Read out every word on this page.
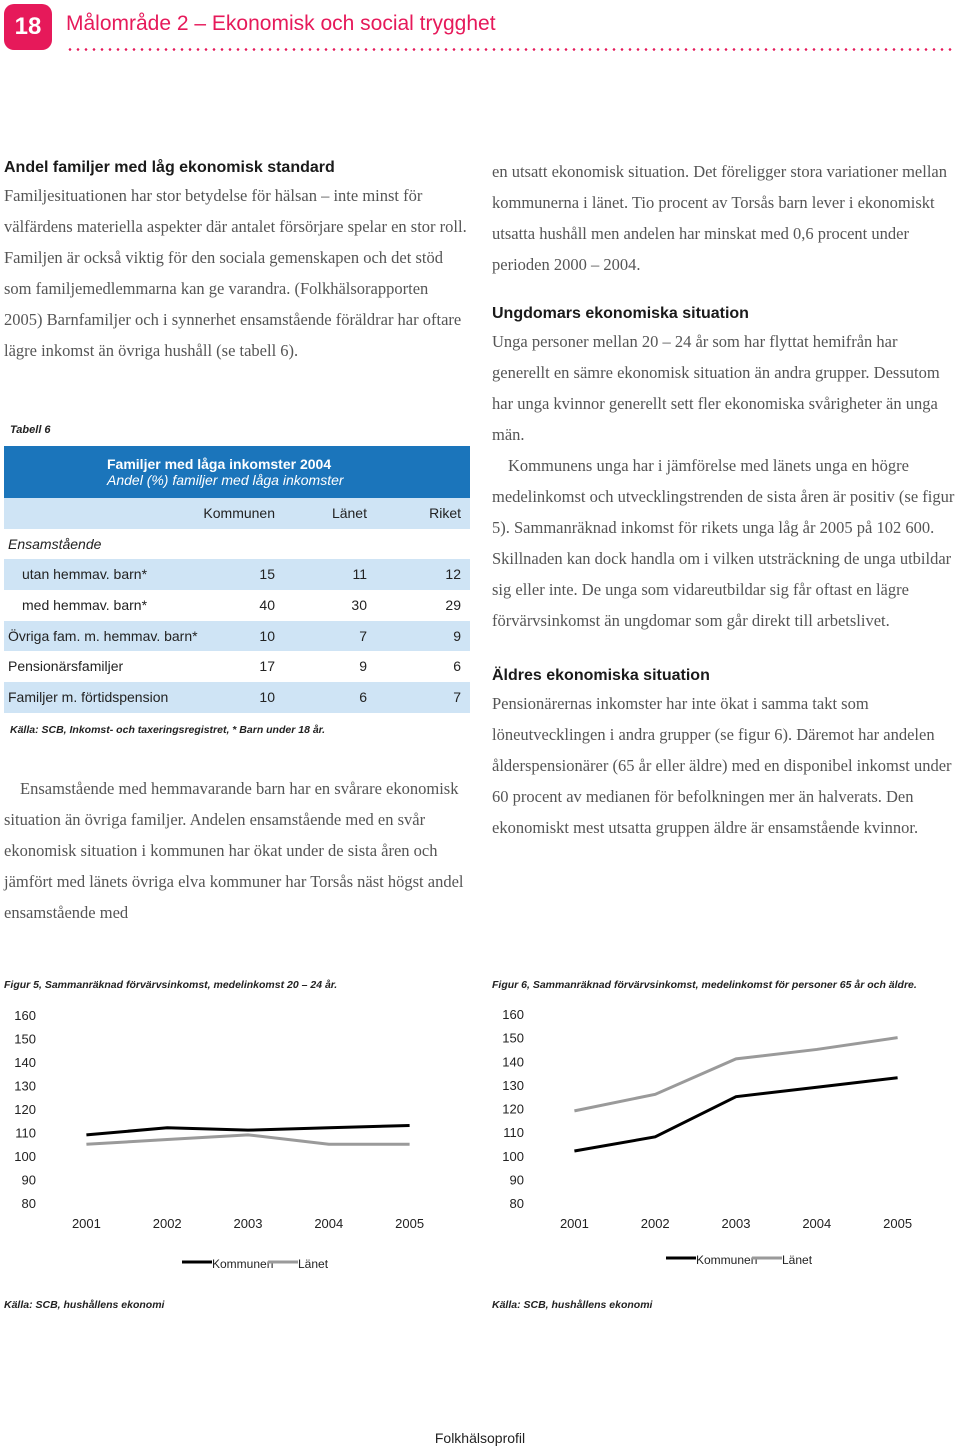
18	Målområde 2 – Ekonomisk och social trygghet
Andel familjer med låg ekonomisk standard

Familjesituationen har stor betydelse för hälsan – inte minst för välfärdens materiella aspekter där antalet försörjare spelar en stor roll. Familjen är också viktig för den sociala gemenskapen och det stöd som familjemedlemmarna kan ge varandra. (Folkhälsorapporten 2005) Barnfamiljer och i synnerhet ensamstående föräldrar har oftare lägre inkomst än övriga hushåll (se tabell 6).

Tabell 6
Familjer med låga inkomster 2004
Andel (%) familjer med låga inkomster
Kommunen	Länet	Riket
Ensamstående
utan hemmav. barn*	15	11	12
med hemmav. barn*	40	30	29
Övriga fam. m. hemmav. barn*	10	7	9
Pensionärsfamiljer	17	9	6
Familjer m. förtidspension	10	6	7
Källa: SCB, Inkomst- och taxeringsregistret, * Barn under 18 år.

Ensamstående med hemmavarande barn har en svårare ekonomisk situation än övriga familjer. Andelen ensamstående med en svår ekonomisk situation i kommunen har ökat under de sista åren och jämfört med länets övriga elva kommuner har Torsås näst högst andel ensamstående med

en utsatt ekonomisk situation. Det föreligger stora variationer mellan kommunerna i länet. Tio procent av Torsås barn lever i ekonomiskt utsatta hushåll men andelen har minskat med 0,6 procent under perioden 2000 – 2004.

Ungdomars ekonomiska situation

Unga personer mellan 20 – 24 år som har flyttat hemifrån har generellt en sämre ekonomisk situation än andra grupper. Dessutom har unga kvinnor generellt sett fler ekonomiska svårigheter än unga män.

Kommunens unga har i jämförelse med länets unga en högre medelinkomst och utvecklingstrenden de sista åren är positiv (se figur 5). Sammanräknad inkomst för rikets unga låg år 2005 på 102 600. Skillnaden kan dock handla om i vilken utsträckning de unga utbildar sig eller inte. De unga som vidareutbildar sig får oftast en lägre förvärvsinkomst än ungdomar som går direkt till arbetslivet.

Äldres ekonomiska situation

Pensionärernas inkomster har inte ökat i samma takt som löneutvecklingen i andra grupper (se figur 6). Däremot har andelen ålderspensionärer (65 år eller äldre) med en disponibel inkomst under 60 procent av medianen för befolkningen mer än halverats. Den ekonomiskt mest utsatta gruppen äldre är ensamstående kvinnor.

Figur 5, Sammanräknad förvärvsinkomst, medelinkomst 20 – 24 år.
80
90
100
110
120
130
140
150
160
2001	2002	2003	2004	2005
Kommunen Länet
Källa: SCB, hushållens ekonomi
Figur 6, Sammanräknad förvärvsinkomst, medelinkomst för personer 65 år och äldre.
80
90
100
110
120
130
140
150
160
2001	2002	2003	2004	2005
Kommunen Länet
Källa: SCB, hushållens ekonomi
Folkhälsoprofil
